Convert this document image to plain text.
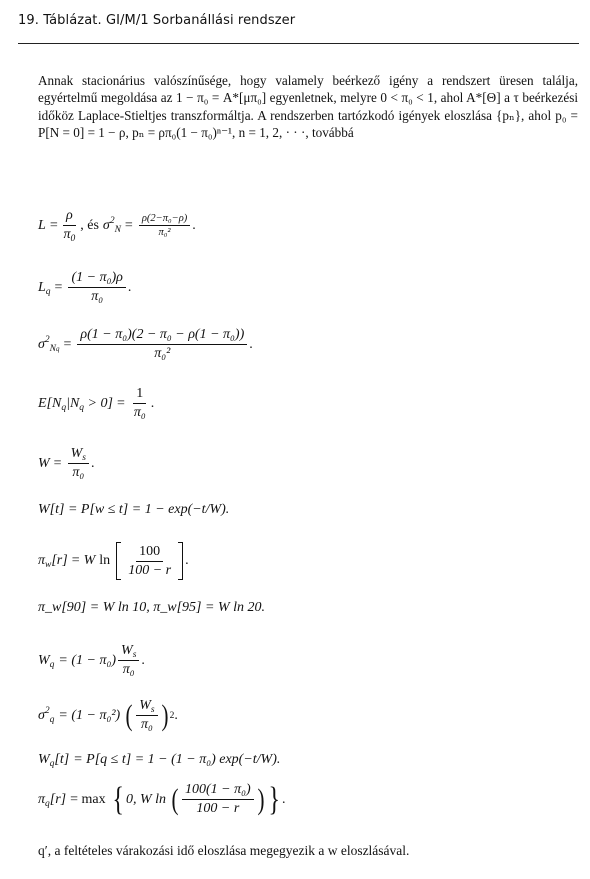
19. Táblázat. GI/M/1 Sorbanállási rendszer
Annak stacionárius valószínűsége, hogy valamely beérkező igény a rendszert üresen találja, egyértelmű megoldása az 1 − π₀ = A*[μπ₀] egyenletnek, melyre 0 < π₀ < 1, ahol A*[Θ] a τ beérkezési időköz Laplace-Stieltjes transzformáltja. A rendszerben tartózkodó igények eloszlása {pₙ}, ahol p₀ = P[N = 0] = 1 − ρ, pₙ = ρπ₀(1 − π₀)ⁿ⁻¹, n = 1, 2, · · ·, továbbá
$L = \frac{\rho}{\pi_0}$ , és $\sigma^2_N = \frac{\text{ρ(2−π₀−ρ)}}{\text{π₀²}}$ .
$L_q = \frac{\text{(1 − π₀)ρ}}{\text{π₀}}$ .
$\sigma^2_{Nq} = \frac{\text{ρ(1 − π₀)(2 − π₀ − ρ(1 − π₀))}}{\text{π₀²}}$ .
$E[N_q|N_q > 0] = \frac{1}{\text{π₀}}$ .
$W = \frac{W_s}{\text{π₀}}$ .
W[t] = P[w ≤ t] = 1 − exp(−t/W).
$\pi_w[r] = W$ $\ln \frac{100}{100 - r}$ .
π_w[90] = W ln 10, π_w[95] = W ln 20.
$W_q = (1 - \pi_0) \frac{W_s}{\text{π₀}}$ .
$\sigma^2_q = (1 - \pi_0^2)$ ( $\frac{W_s}{\text{π₀}}$ ) 2 .
$W_q[t] = P[q \le t] = 1 - (1 - \pi_0)$ exp(−t/W).
$\pi_q[r] = \max$ { 0, W ln ( $\frac{\text{100(1 − π₀)}}{100 - r}$ ) } .
q′, a feltételes várakozási idő eloszlása megegyezik a w eloszlásával.
